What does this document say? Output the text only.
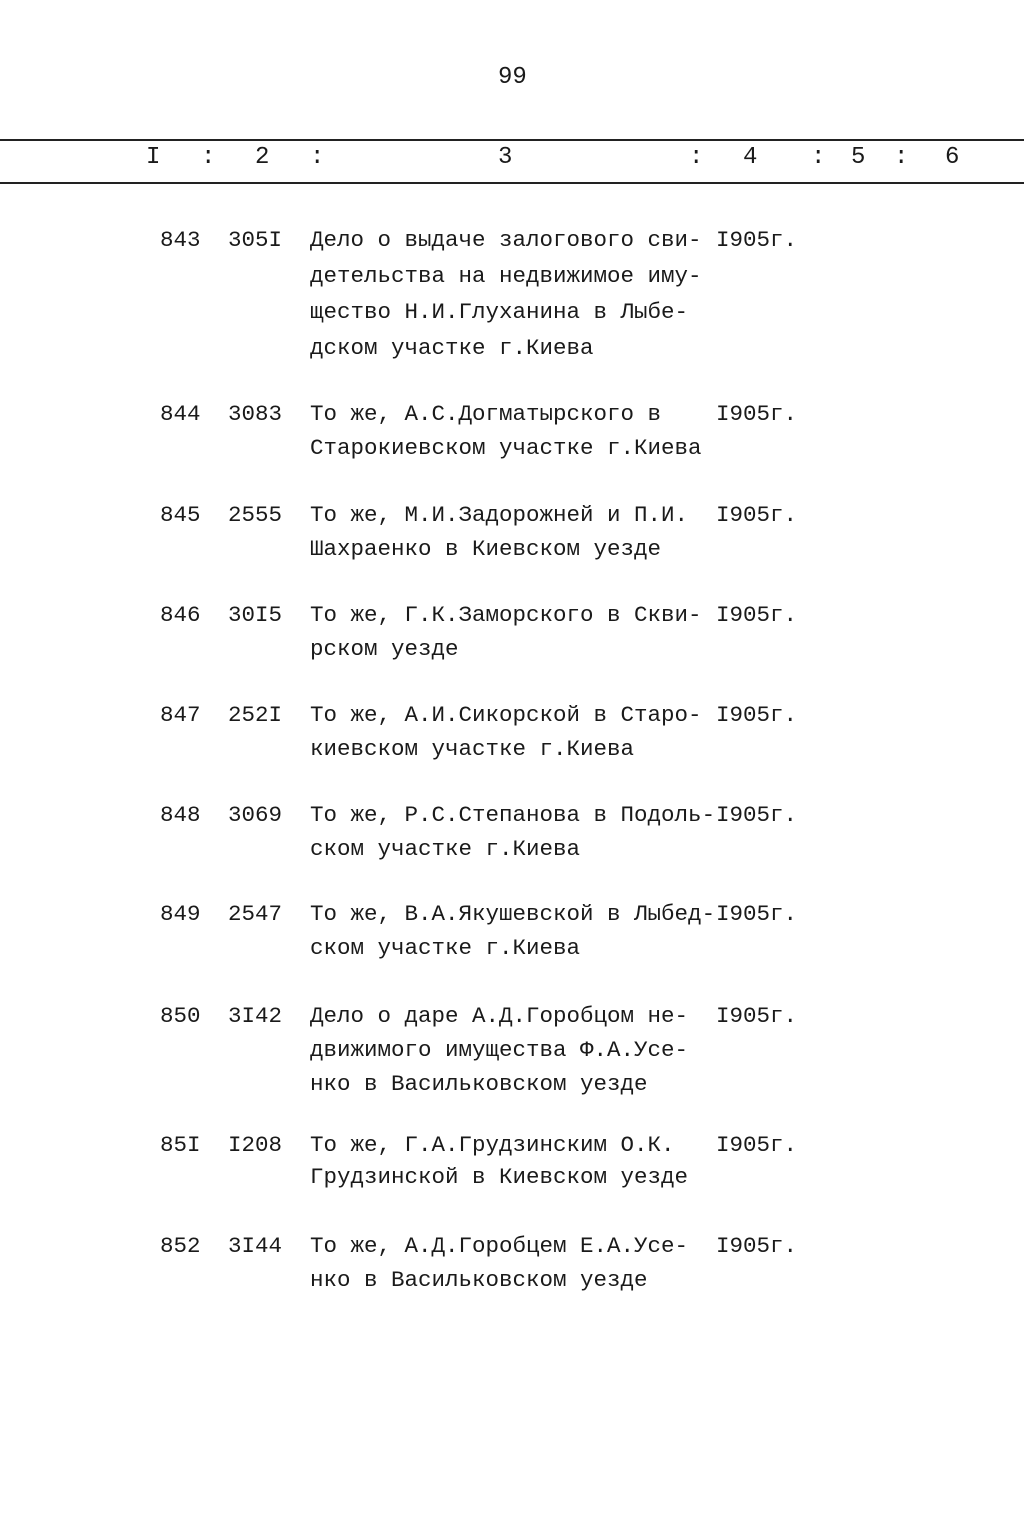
99
I : 2 :	3	: 4 : 5 : 6
843 305I Дело о выдаче залогового сви-
детельства на недвижимое иму-
щество Н.И.Глуханина в Лыбе-
дском участке г.Киева
I905г.
844 3083 То же, А.С.Догматырского в
Старокиевском участке г.Киева
I905г.
845 2555 То же, М.И.Задорожней и П.И.
Шахраенко в Киевском уезде
I905г.
846 30I5 То же, Г.К.Заморского в Скви-
рском уезде
I905г.
847 252I То же, А.И.Сикорской в Старо-
киевском участке г.Киева
I905г.
848 3069 То же, Р.С.Степанова в Подоль-
ском участке г.Киева
I905г.
849 2547 То же, В.А.Якушевской в Лыбед-
ском участке г.Киева
I905г.
850 3I42 Дело о даре А.Д.Горобцом не-
движимого имущества Ф.А.Усе-
нко в Васильковском уезде
I905г.
85I I208 То же, Г.А.Грудзинским О.К.
Грудзинской в Киевском уезде
I905г.
852 3I44 То же, А.Д.Горобцем Е.А.Усе-
нко в Васильковском уезде
I905г.
